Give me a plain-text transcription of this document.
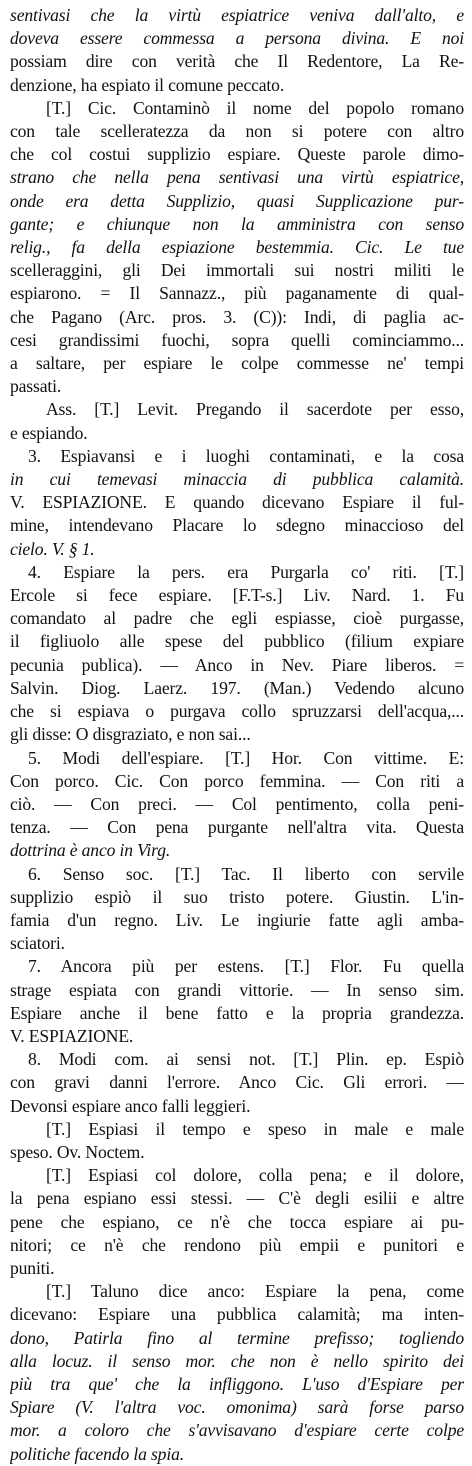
sentivasi che la virtù espiatrice veniva dall'alto, e
doveva essere commessa a persona divina. E noi
possiam dire con verità che Il Redentore, La Re-
denzione, ha espiato il comune peccato.
[T.] Cic. Contaminò il nome del popolo romano
con tale scelleratezza da non si potere con altro
che col costui supplizio espiare. Queste parole dimo-
strano che nella pena sentivasi una virtù espiatrice,
onde era detta Supplizio, quasi Supplicazione pur-
gante; e chiunque non la amministra con senso
relig., fa della espiazione bestemmia. Cic. Le tue
scelleraggini, gli Dei immortali sui nostri militi le
espiarono. = Il Sannazz., più paganamente di qual-
che Pagano (Arc. pros. 3. (C)): Indi, di paglia ac-
cesi grandissimi fuochi, sopra quelli cominciammo...
a saltare, per espiare le colpe commesse ne' tempi
passati.
Ass. [T.] Levit. Pregando il sacerdote per esso,
e espiando.
3. Espiavansi e i luoghi contaminati, e la cosa
in cui temevasi minaccia di pubblica calamità.
V. ESPIAZIONE. E quando dicevano Espiare il ful-
mine, intendevano Placare lo sdegno minaccioso del
cielo. V. § 1.
4. Espiare la pers. era Purgarla co' riti. [T.]
Ercole si fece espiare. [F.T-s.] Liv. Nard. 1. Fu
comandato al padre che egli espiasse, cioè purgasse,
il figliuolo alle spese del pubblico (filium expiare
pecunia publica). — Anco in Nev. Piare liberos. =
Salvin. Diog. Laerz. 197. (Man.) Vedendo alcuno
che si espiava o purgava collo spruzzarsi dell'acqua,...
gli disse: O disgraziato, e non sai...
5. Modi dell'espiare. [T.] Hor. Con vittime. E:
Con porco. Cic. Con porco femmina. — Con riti a
ciò. — Con preci. — Col pentimento, colla peni-
tenza. — Con pena purgante nell'altra vita. Questa
dottrina è anco in Virg.
6. Senso soc. [T.] Tac. Il liberto con servile
supplizio espiò il suo tristo potere. Giustin. L'in-
famia d'un regno. Liv. Le ingiurie fatte agli amba-
sciatori.
7. Ancora più per estens. [T.] Flor. Fu quella
strage espiata con grandi vittorie. — In senso sim.
Espiare anche il bene fatto e la propria grandezza.
V. ESPIAZIONE.
8. Modi com. ai sensi not. [T.] Plin. ep. Espiò
con gravi danni l'errore. Anco Cic. Gli errori. —
Devonsi espiare anco falli leggieri.
[T.] Espiasi il tempo e speso in male e male
speso. Ov. Noctem.
[T.] Espiasi col dolore, colla pena; e il dolore,
la pena espiano essi stessi. — C'è degli esilii e altre
pene che espiano, ce n'è che tocca espiare ai pu-
nitori; ce n'è che rendono più empii e punitori e
puniti.
[T.] Taluno dice anco: Espiare la pena, come
dicevano: Espiare una pubblica calamità; ma inten-
dono, Patirla fino al termine prefisso; togliendo
alla locuz. il senso mor. che non è nello spirito dei
più tra que' che la infliggono. L'uso d'Espiare per
Spiare (V. l'altra voc. omonima) sarà forse parso
mor. a coloro che s'avvisavano d'espiare certe colpe
politiche facendo la spia.
